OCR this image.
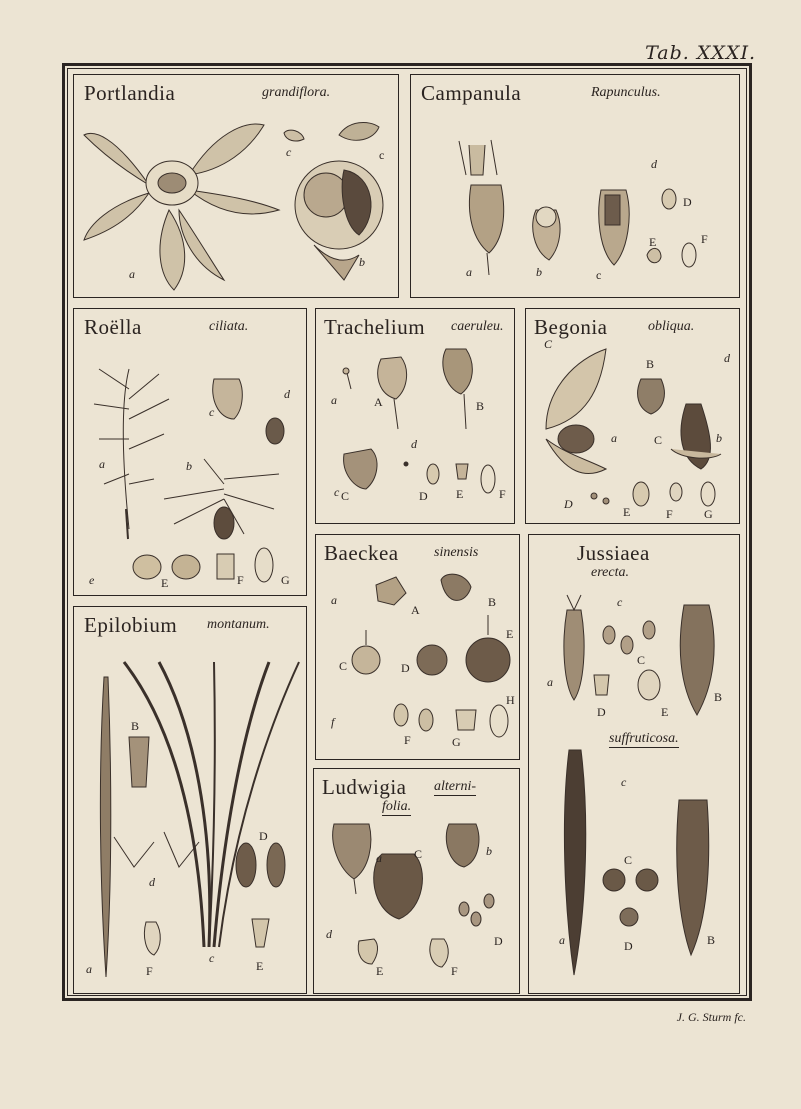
Tab. XXXI.
Portlandia	grandiflora.
a
b
c	c
Campanula	Rapunculus.
a	b	c
d
D
E	F
Roëlla	ciliata.
a	b
c
d
e	E	F	G
Trachelium caeruleu.
a	A	B
c
d
C	D E	F
Begonia	obliqua.
C
B	d
a	b
C
D
E	F	G
Baeckea	sinensis
a
A
B
C	D
E
f
F	G
H
Jussiaea
erecta.
suffruticosa.
c
a
C
D	E
B
c
C
a	D	B
Epilobium montanum.
B
D
d
a	F
c
E
Ludwigia alterni-
folia.
a	C	b
d
E	F
D
J. G. Sturm fc.
